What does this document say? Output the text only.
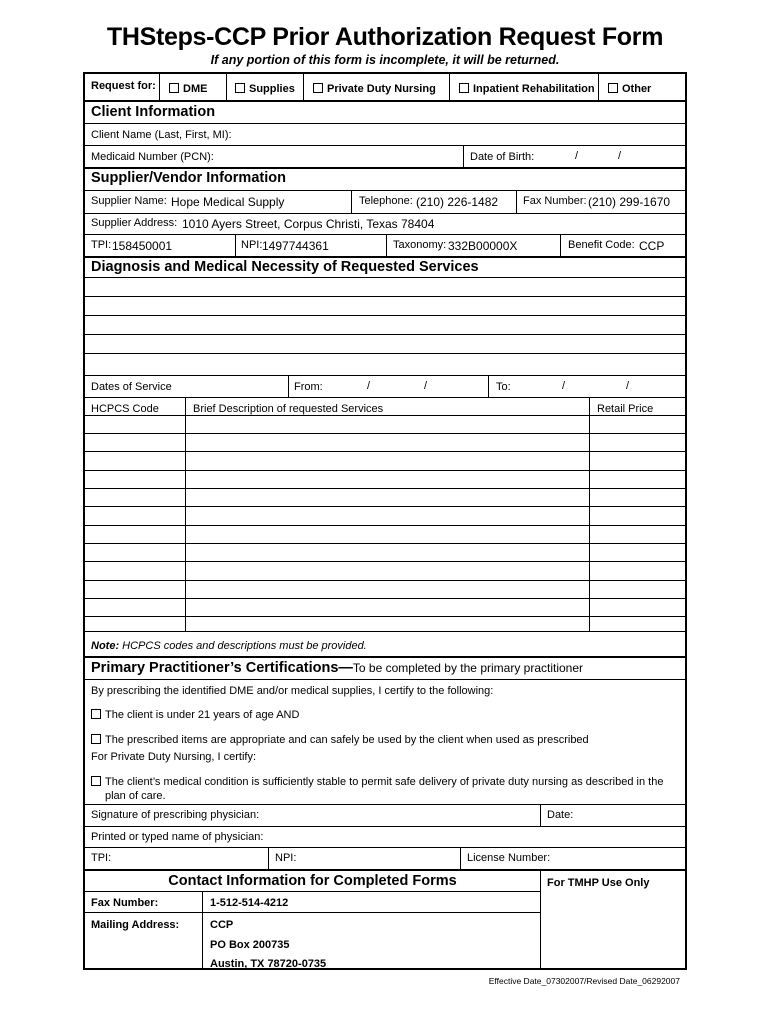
THSteps-CCP Prior Authorization Request Form
If any portion of this form is incomplete, it will be returned.
Request for:	DME	Supplies	Private Duty Nursing	Inpatient Rehabilitation	Other
Client Information
Client Name (Last, First, MI):
Medicaid Number (PCN):	Date of Birth:	/	/
Supplier/Vendor Information
Supplier Name: Hope Medical Supply	Telephone: (210) 226-1482 Fax Number: (210) 299-1670
Supplier Address: 1010 Ayers Street, Corpus Christi, Texas 78404
TPI: 158450001	NPI: 1497744361	Taxonomy: 332B00000X	Benefit Code: CCP
Diagnosis and Medical Necessity of Requested Services
Dates of Service	From:	/	/	To:	/	/
HCPCS Code	Brief Description of requested Services	Retail Price
Note: HCPCS codes and descriptions must be provided.
Primary Practitioner’s Certifications—To be completed by the primary practitioner
By prescribing the identified DME and/or medical supplies, I certify to the following:
The client is under 21 years of age AND
The prescribed items are appropriate and can safely be used by the client when used as prescribed
For Private Duty Nursing, I certify:
The client’s medical condition is sufficiently stable to permit safe delivery of private duty nursing as described in the
plan of care.
Signature of prescribing physician:	Date:
Printed or typed name of physician:
TPI:	NPI:	License Number:
Contact Information for Completed Forms	For TMHP Use Only
Fax Number:	1-512-514-4212
Mailing Address:	CCP
PO Box 200735
Austin, TX 78720-0735
Effective Date_07302007/Revised Date_06292007
